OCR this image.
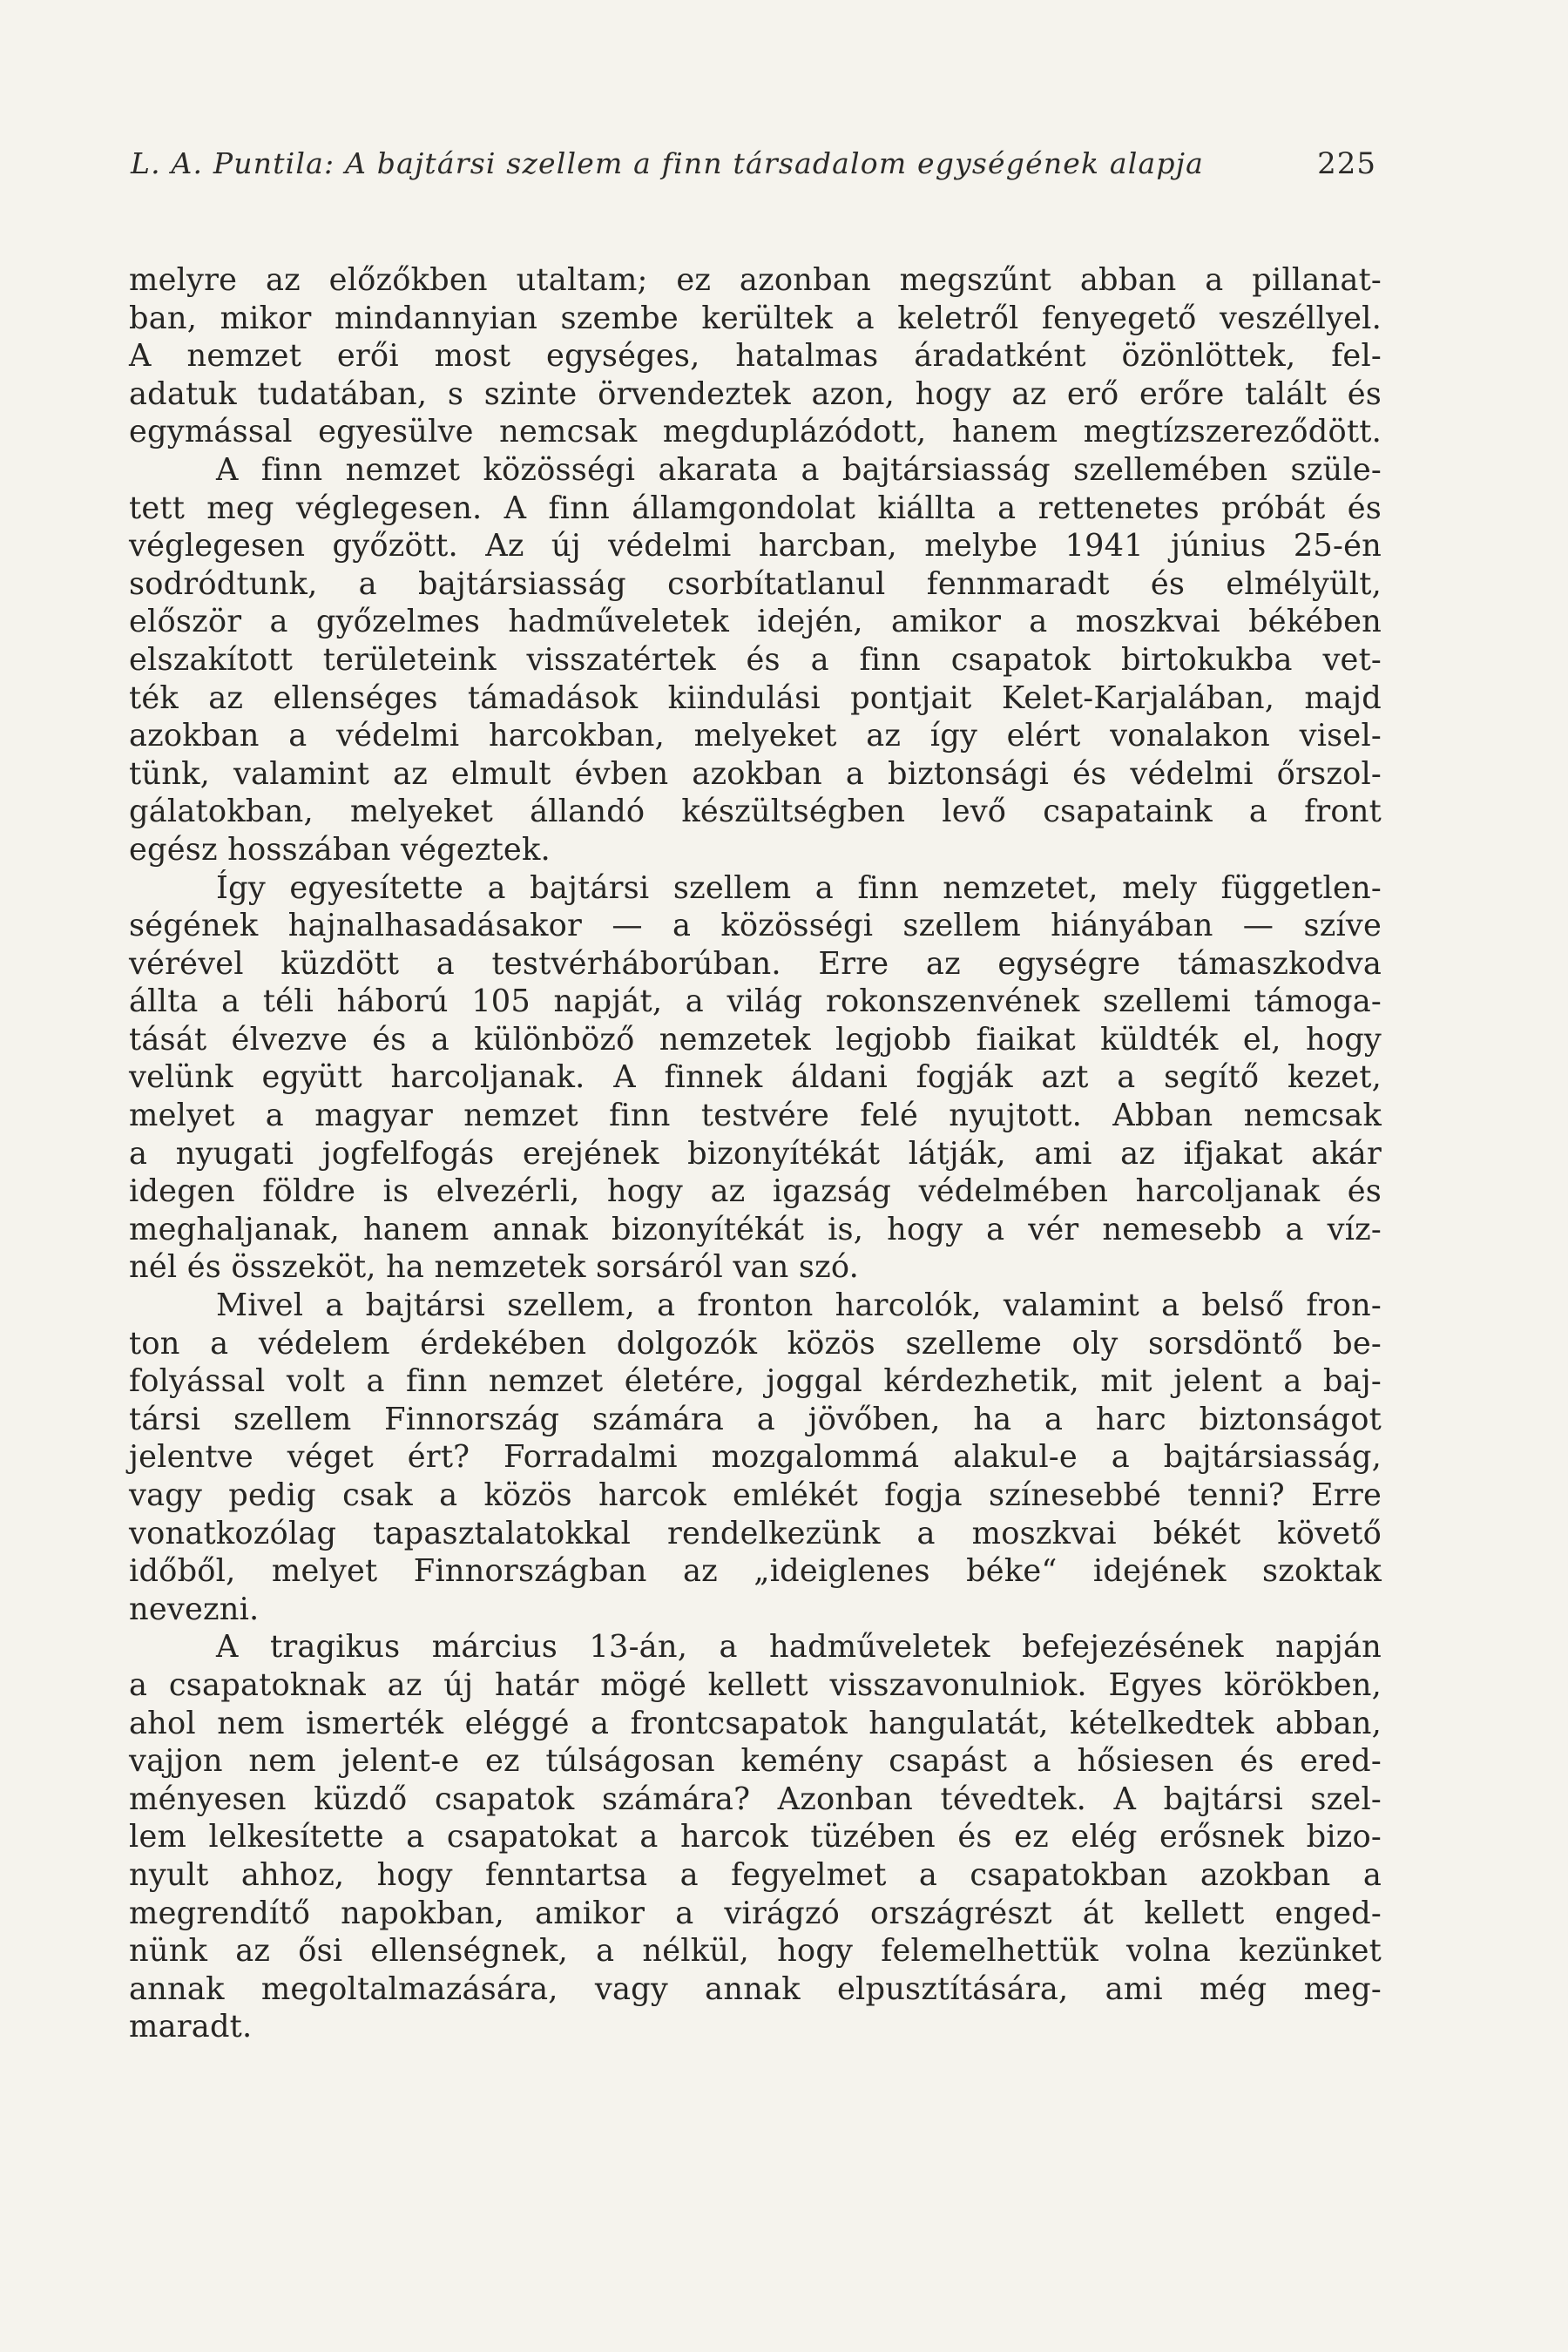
L. A. Puntila: A bajtársi szellem a finn társadalom egységének alapja	225
melyre az előzőkben utaltam; ez azonban megszűnt abban a pillanat-
ban, mikor mindannyian szembe kerültek a keletről fenyegető veszéllyel.
A nemzet erői most egységes, hatalmas áradatként özönlöttek, fel-
adatuk tudatában, s szinte örvendeztek azon, hogy az erő erőre talált és
egymással egyesülve nemcsak megduplázódott, hanem megtízszereződött.
A finn nemzet közösségi akarata a bajtársiasság szellemében szüle-
tett meg véglegesen. A finn államgondolat kiállta a rettenetes próbát és
véglegesen győzött. Az új védelmi harcban, melybe 1941 június 25-én
sodródtunk, a bajtársiasság csorbítatlanul fennmaradt és elmélyült,
először a győzelmes hadműveletek idején, amikor a moszkvai békében
elszakított területeink visszatértek és a finn csapatok birtokukba vet-
ték az ellenséges támadások kiindulási pontjait Kelet-Karjalában, majd
azokban a védelmi harcokban, melyeket az így elért vonalakon visel-
tünk, valamint az elmult évben azokban a biztonsági és védelmi őrszol-
gálatokban, melyeket állandó készültségben levő csapataink a front
egész hosszában végeztek.
Így egyesítette a bajtársi szellem a finn nemzetet, mely független-
ségének hajnalhasadásakor — a közösségi szellem hiányában — szíve
vérével küzdött a testvérháborúban. Erre az egységre támaszkodva
állta a téli háború 105 napját, a világ rokonszenvének szellemi támoga-
tását élvezve és a különböző nemzetek legjobb fiaikat küldték el, hogy
velünk együtt harcoljanak. A finnek áldani fogják azt a segítő kezet,
melyet a magyar nemzet finn testvére felé nyujtott. Abban nemcsak
a nyugati jogfelfogás erejének bizonyítékát látják, ami az ifjakat akár
idegen földre is elvezérli, hogy az igazság védelmében harcoljanak és
meghaljanak, hanem annak bizonyítékát is, hogy a vér nemesebb a víz-
nél és összeköt, ha nemzetek sorsáról van szó.
Mivel a bajtársi szellem, a fronton harcolók, valamint a belső fron-
ton a védelem érdekében dolgozók közös szelleme oly sorsdöntő be-
folyással volt a finn nemzet életére, joggal kérdezhetik, mit jelent a baj-
társi szellem Finnország számára a jövőben, ha a harc biztonságot
jelentve véget ért? Forradalmi mozgalommá alakul-e a bajtársiasság,
vagy pedig csak a közös harcok emlékét fogja színesebbé tenni? Erre
vonatkozólag tapasztalatokkal rendelkezünk a moszkvai békét követő
időből, melyet Finnországban az „ideiglenes béke“ idejének szoktak
nevezni.
A tragikus március 13-án, a hadműveletek befejezésének napján
a csapatoknak az új határ mögé kellett visszavonulniok. Egyes körökben,
ahol nem ismerték eléggé a frontcsapatok hangulatát, kételkedtek abban,
vajjon nem jelent-e ez túlságosan kemény csapást a hősiesen és ered-
ményesen küzdő csapatok számára? Azonban tévedtek. A bajtársi szel-
lem lelkesítette a csapatokat a harcok tüzében és ez elég erősnek bizo-
nyult ahhoz, hogy fenntartsa a fegyelmet a csapatokban azokban a
megrendítő napokban, amikor a virágzó országrészt át kellett enged-
nünk az ősi ellenségnek, a nélkül, hogy felemelhettük volna kezünket
annak megoltalmazására, vagy annak elpusztítására, ami még meg-
maradt.
